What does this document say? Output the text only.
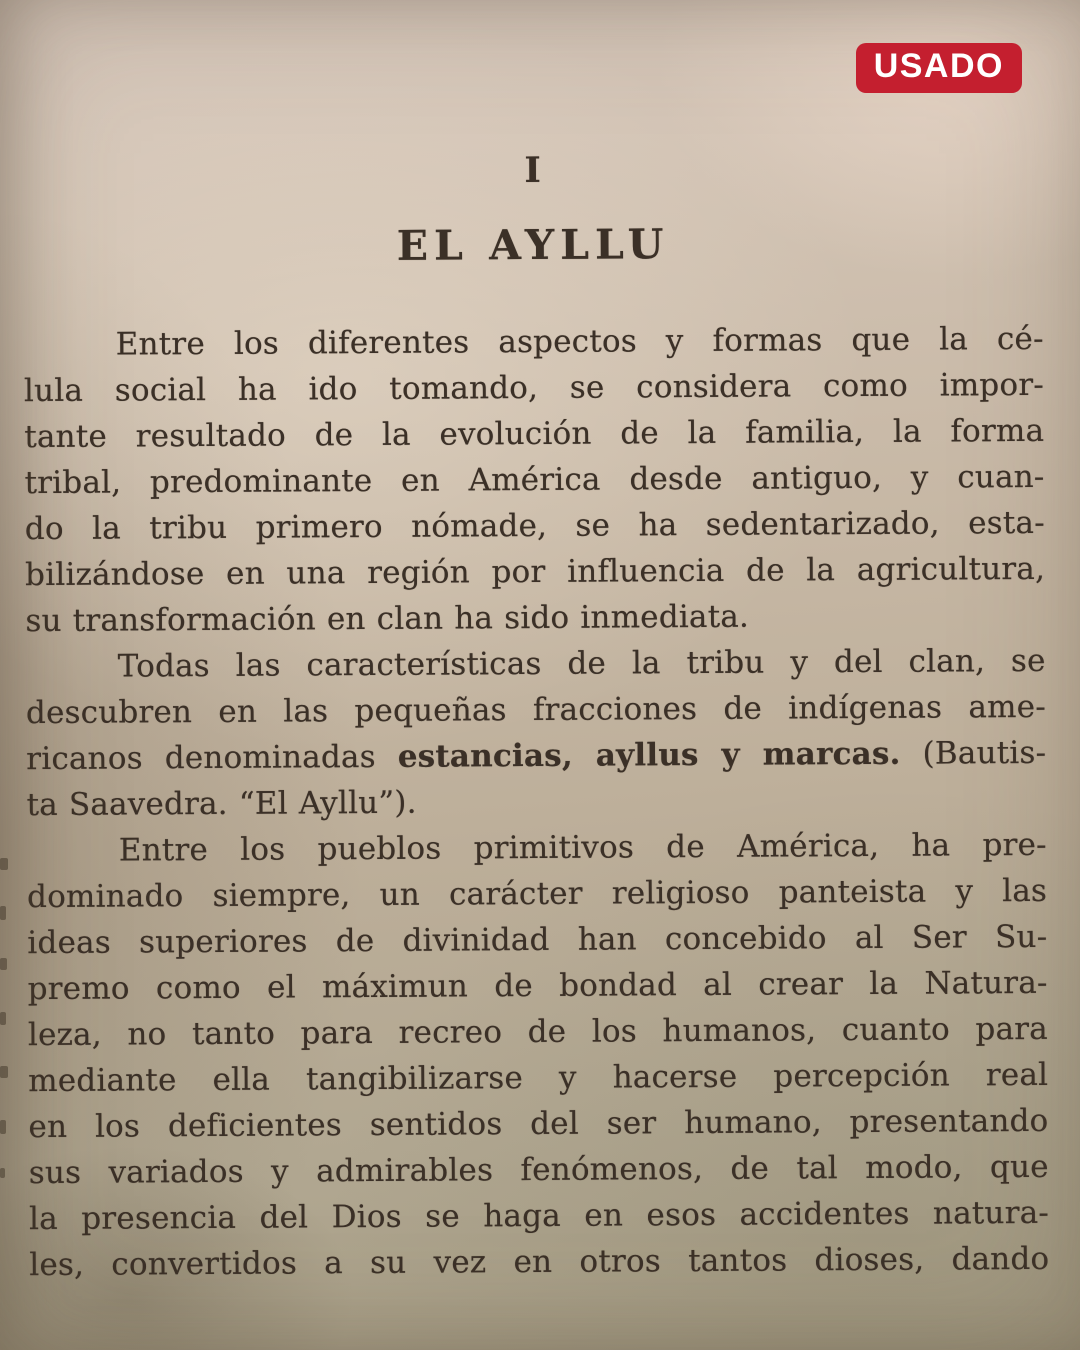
USADO
I
EL AYLLU
Entre los diferentes aspectos y formas que la cé-
lula social ha ido tomando, se considera como impor-
tante resultado de la evolución de la familia, la forma
tribal, predominante en América desde antiguo, y cuan-
do la tribu primero nómade, se ha sedentarizado, esta-
bilizándose en una región por influencia de la agricultura,
su transformación en clan ha sido inmediata.
Todas las características de la tribu y del clan, se
descubren en las pequeñas fracciones de indígenas ame-
ricanos denominadas estancias, ayllus y marcas. (Bautis-
ta Saavedra. “El Ayllu”).
Entre los pueblos primitivos de América, ha pre-
dominado siempre, un carácter religioso panteista y las
ideas superiores de divinidad han concebido al Ser Su-
premo como el máximun de bondad al crear la Natura-
leza, no tanto para recreo de los humanos, cuanto para
mediante ella tangibilizarse y hacerse percepción real
en los deficientes sentidos del ser humano, presentando
sus variados y admirables fenómenos, de tal modo, que
la presencia del Dios se haga en esos accidentes natura-
les, convertidos a su vez en otros tantos dioses, dando
